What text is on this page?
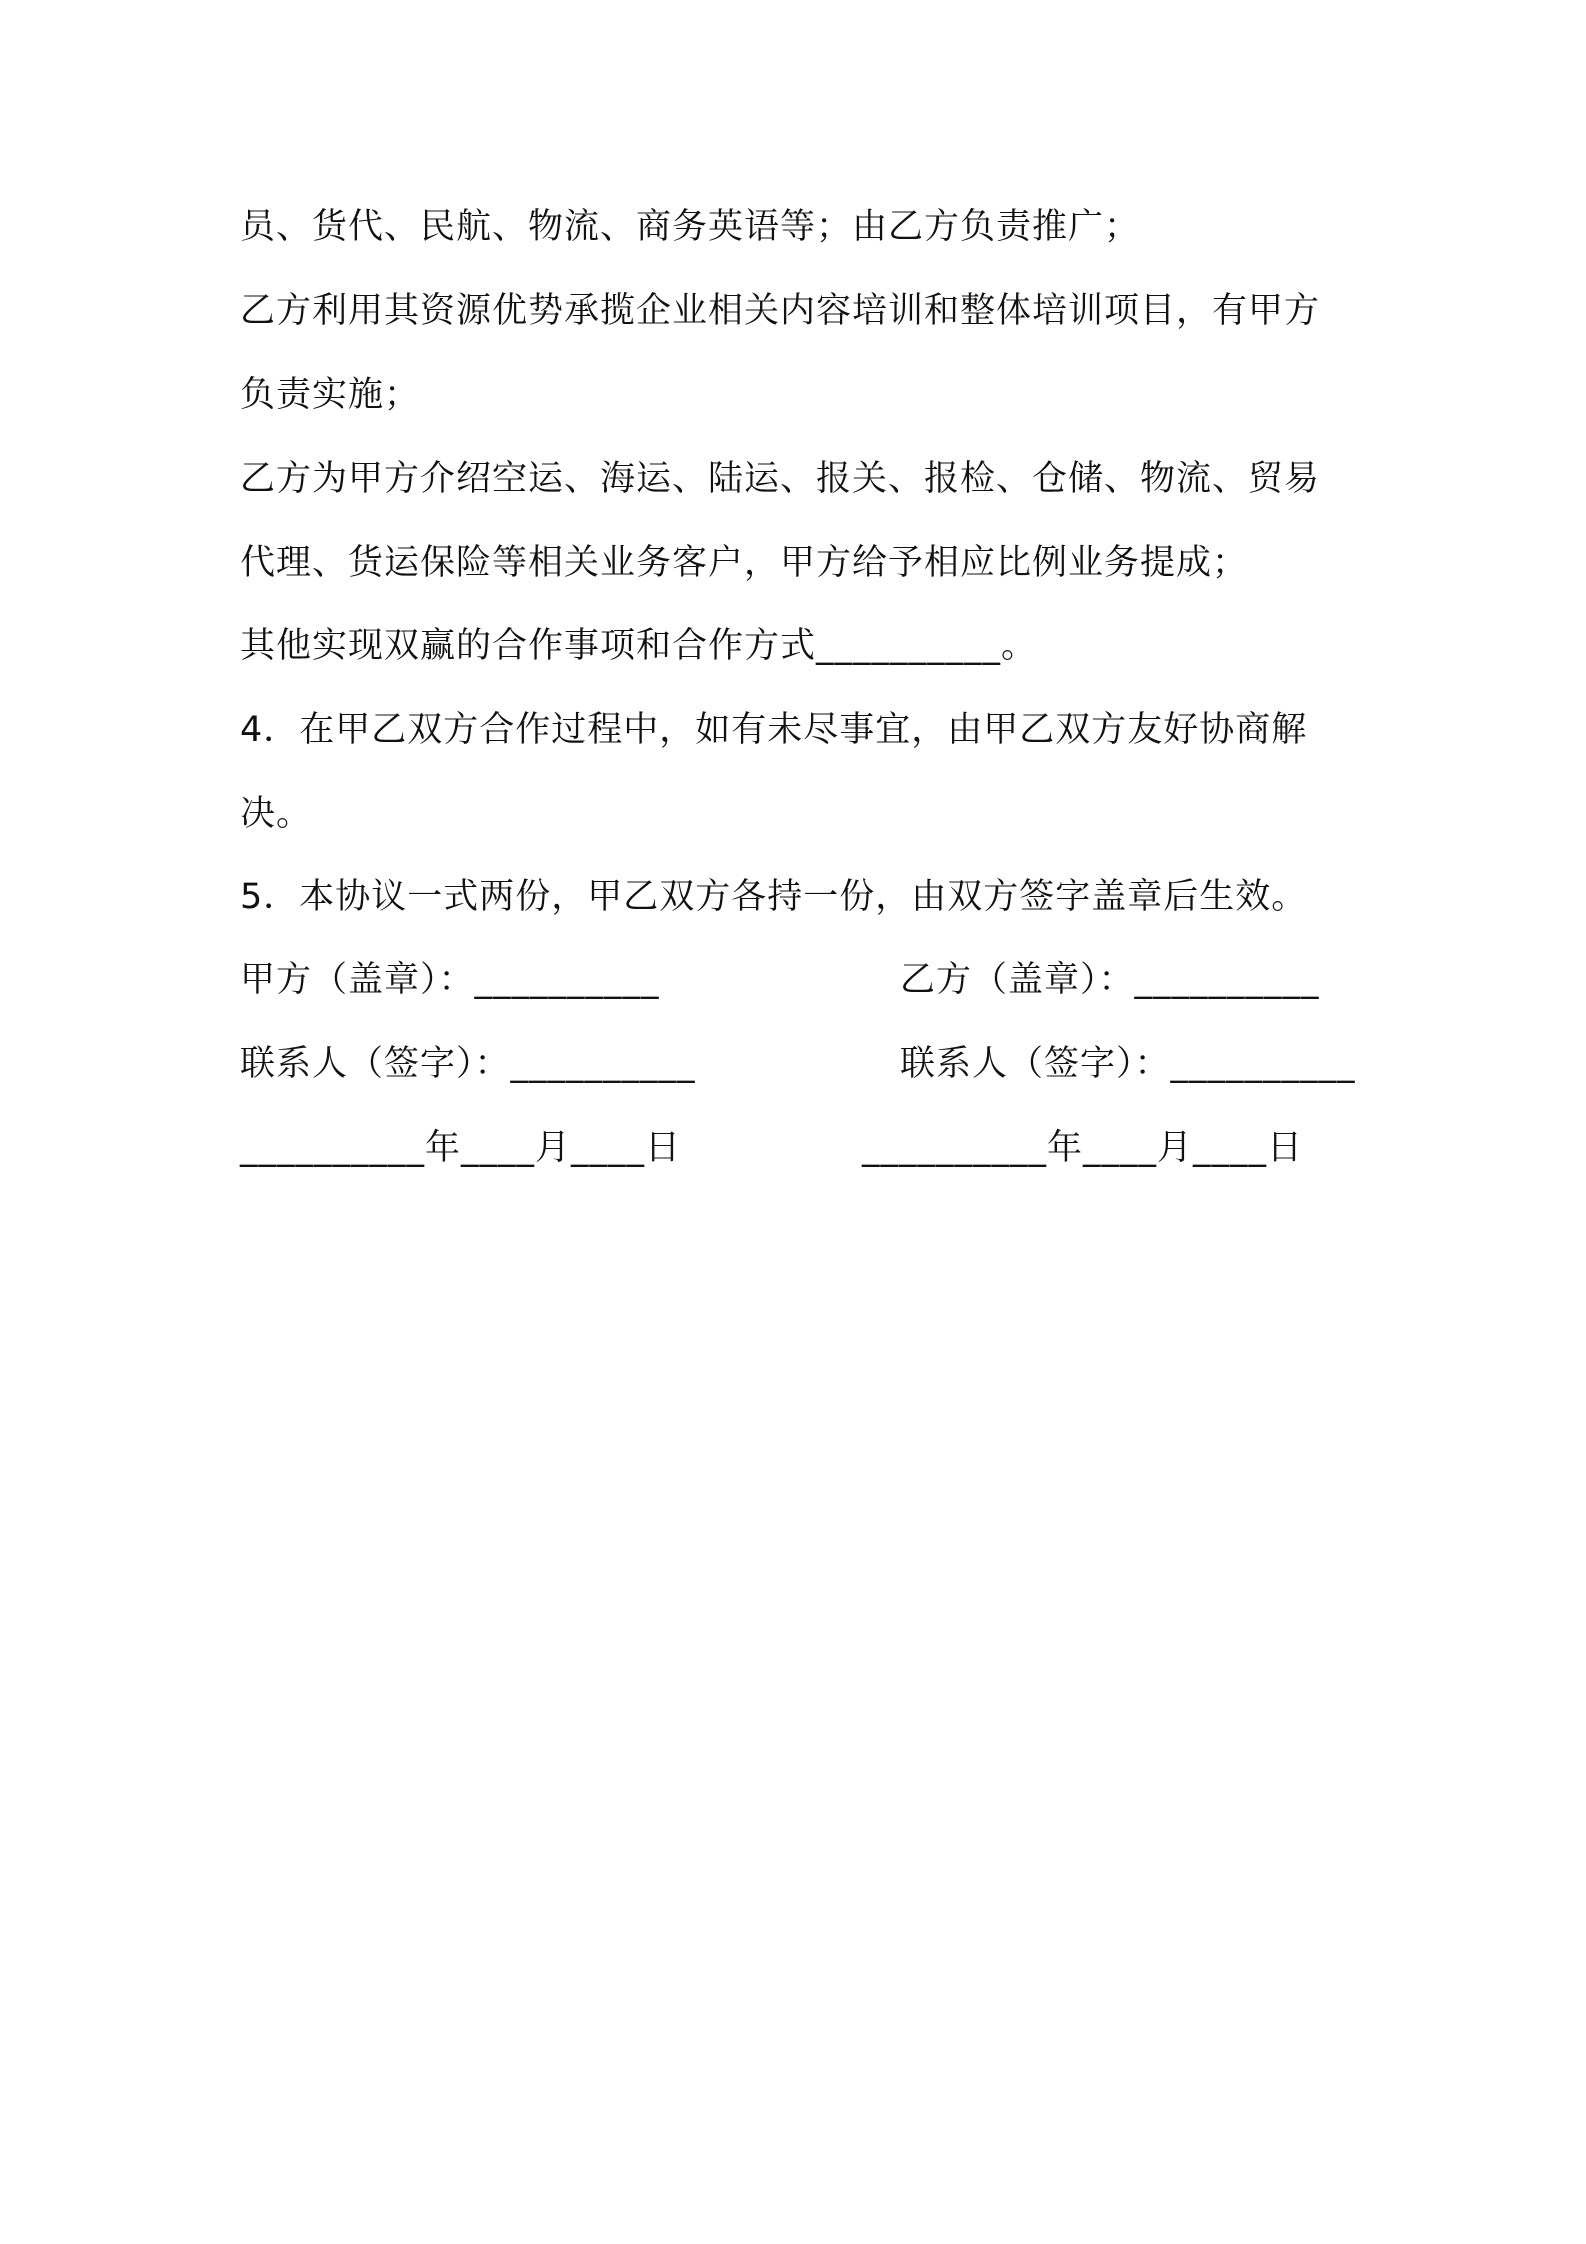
员、货代、民航、物流、商务英语等；由乙方负责推广；
乙方利用其资源优势承揽企业相关内容培训和整体培训项目，有甲方
负责实施；
乙方为甲方介绍空运、海运、陆运、报关、报检、仓储、物流、贸易
代理、货运保险等相关业务客户，甲方给予相应比例业务提成；
其他实现双赢的合作事项和合作方式__________。
4．在甲乙双方合作过程中，如有未尽事宜，由甲乙双方友好协商解
决。
5．本协议一式两份，甲乙双方各持一份，由双方签字盖章后生效。
甲方（盖章）：__________	乙方（盖章）：__________
联系人（签字）：__________	联系人（签字）：__________
__________年____月____日	__________年____月____日
